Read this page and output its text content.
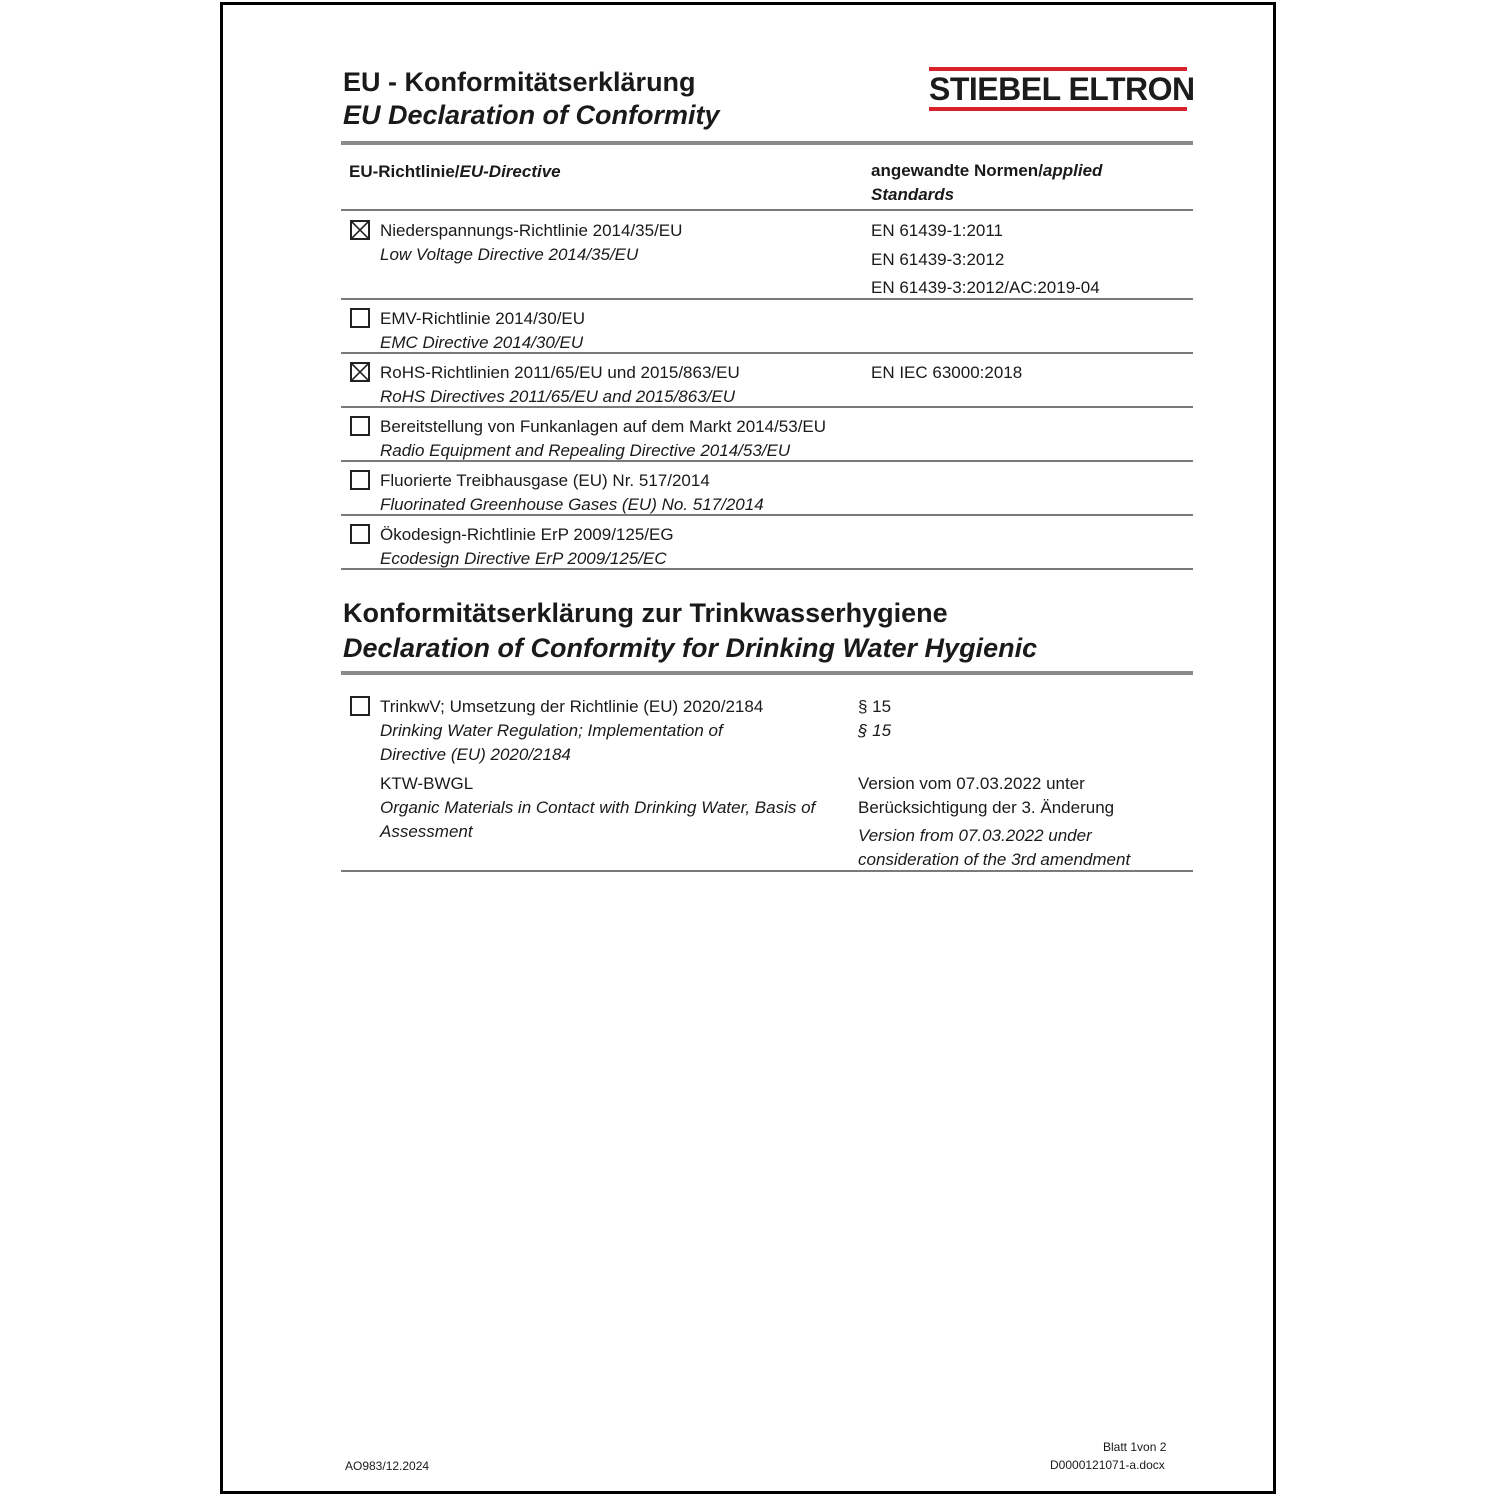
EU - Konformitätserklärung
EU Declaration of Conformity
STIEBEL ELTRON
EU-Richtlinie/EU-Directive	angewandte Normen/applied
Standards
Niederspannungs-Richtlinie 2014/35/EU
Low Voltage Directive 2014/35/EU
EN 61439-1:2011
EN 61439-3:2012
EN 61439-3:2012/AC:2019-04
EMV-Richtlinie 2014/30/EU
EMC Directive 2014/30/EU
RoHS-Richtlinien 2011/65/EU und 2015/863/EU
RoHS Directives 2011/65/EU and 2015/863/EU
EN IEC 63000:2018
Bereitstellung von Funkanlagen auf dem Markt 2014/53/EU
Radio Equipment and Repealing Directive 2014/53/EU
Fluorierte Treibhausgase (EU) Nr. 517/2014
Fluorinated Greenhouse Gases (EU) No. 517/2014
Ökodesign-Richtlinie ErP 2009/125/EG
Ecodesign Directive ErP 2009/125/EC
Konformitätserklärung zur Trinkwasserhygiene
Declaration of Conformity for Drinking Water Hygienic
TrinkwV; Umsetzung der Richtlinie (EU) 2020/2184
Drinking Water Regulation; Implementation of
Directive (EU) 2020/2184
§ 15
§ 15
KTW-BWGL
Organic Materials in Contact with Drinking Water, Basis of
Assessment
Version vom 07.03.2022 unter
Berücksichtigung der 3. Änderung
Version from 07.03.2022 under
consideration of the 3rd amendment
AO983/12.2024
Blatt 1von 2
D0000121071-a.docx
